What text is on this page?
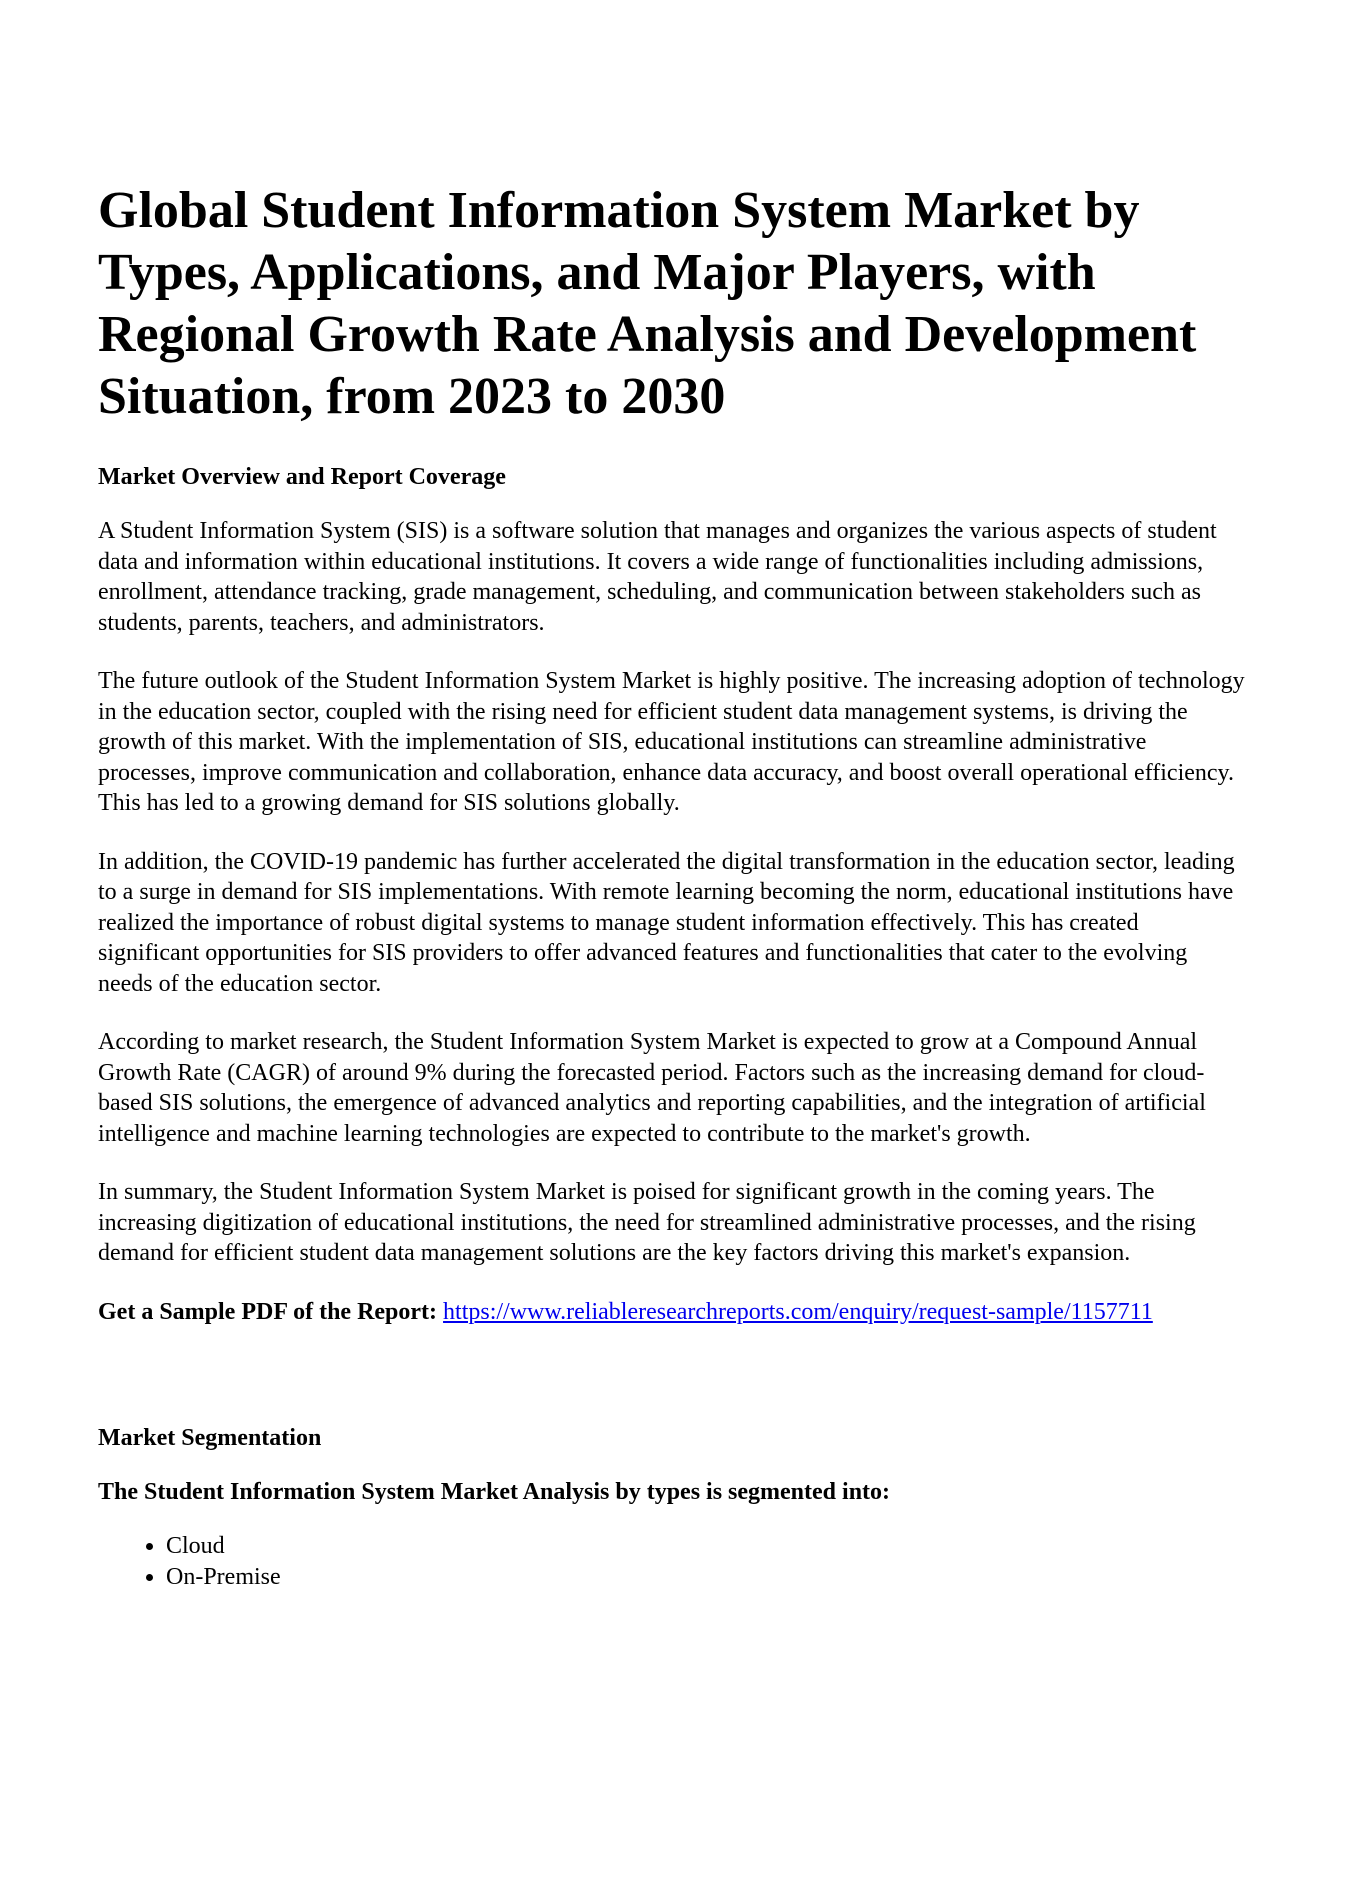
Global Student Information System Market by Types, Applications, and Major Players, with Regional Growth Rate Analysis and Development Situation, from 2023 to 2030
Market Overview and Report Coverage

A Student Information System (SIS) is a software solution that manages and organizes the various aspects of student data and information within educational institutions. It covers a wide range of functionalities including admissions, enrollment, attendance tracking, grade management, scheduling, and communication between stakeholders such as students, parents, teachers, and administrators.

The future outlook of the Student Information System Market is highly positive. The increasing adoption of technology in the education sector, coupled with the rising need for efficient student data management systems, is driving the growth of this market. With the implementation of SIS, educational institutions can streamline administrative processes, improve communication and collaboration, enhance data accuracy, and boost overall operational efficiency. This has led to a growing demand for SIS solutions globally.

In addition, the COVID-19 pandemic has further accelerated the digital transformation in the education sector, leading to a surge in demand for SIS implementations. With remote learning becoming the norm, educational institutions have realized the importance of robust digital systems to manage student information effectively. This has created significant opportunities for SIS providers to offer advanced features and functionalities that cater to the evolving needs of the education sector.

According to market research, the Student Information System Market is expected to grow at a Compound Annual Growth Rate (CAGR) of around 9% during the forecasted period. Factors such as the increasing demand for cloud-based SIS solutions, the emergence of advanced analytics and reporting capabilities, and the integration of artificial intelligence and machine learning technologies are expected to contribute to the market's growth.

In summary, the Student Information System Market is poised for significant growth in the coming years. The increasing digitization of educational institutions, the need for streamlined administrative processes, and the rising demand for efficient student data management solutions are the key factors driving this market's expansion.

Get a Sample PDF of the Report: https://www.reliableresearchreports.com/enquiry/request-sample/1157711

Market Segmentation
The Student Information System Market Analysis by types is segmented into:
• Cloud
• On-Premise
